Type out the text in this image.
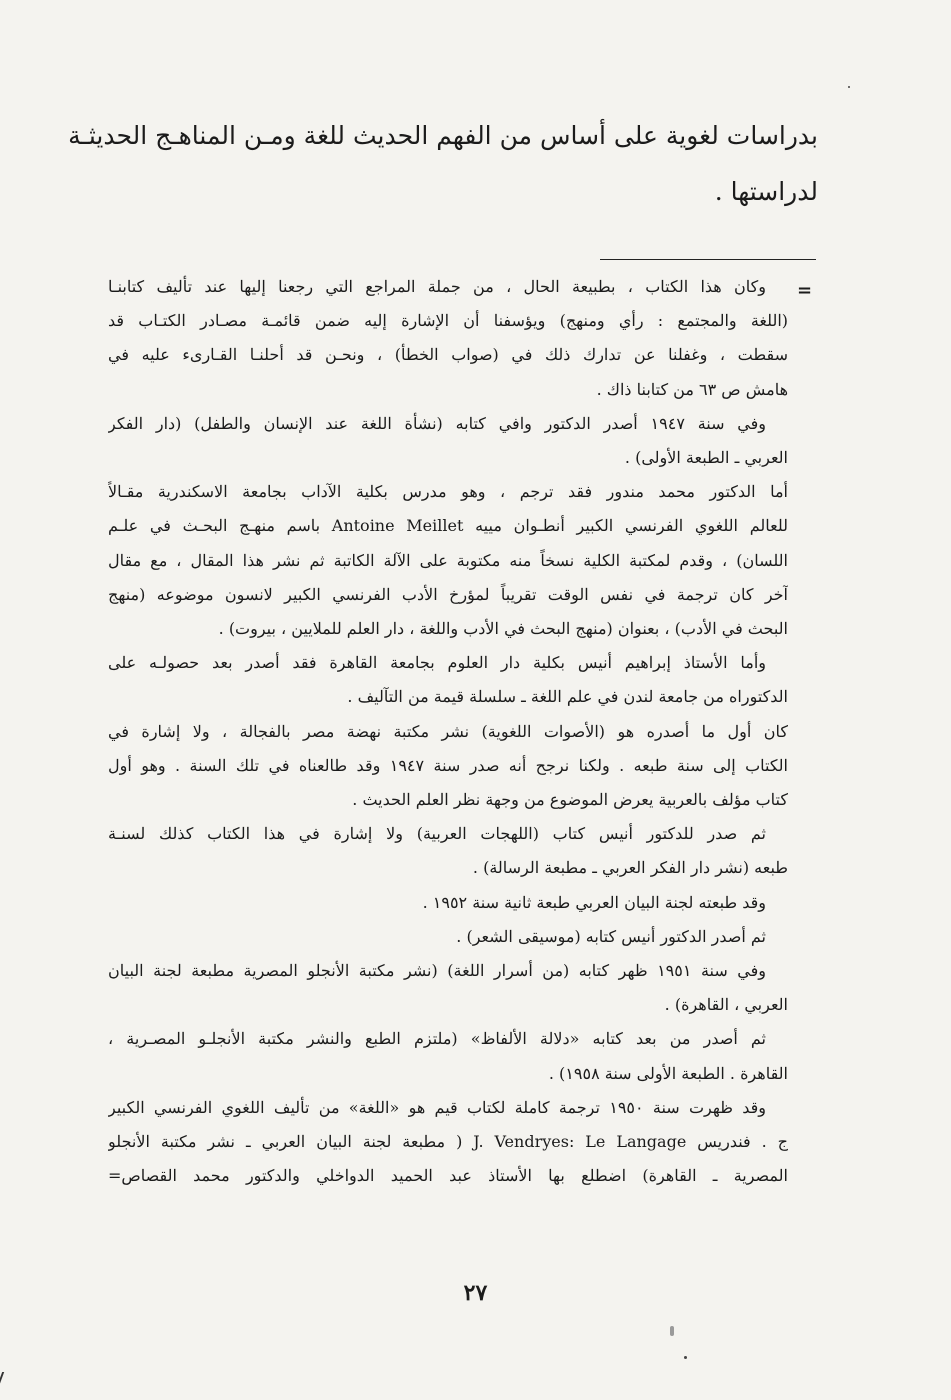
بدراسات لغوية على أساس من الفهم الحديث للغة ومـن المناهـج الحديثـة
لدراستها .
=
وكان هذا الكتاب ، بطبيعة الحال ، من جملة المراجع التي رجعنا إليها عند تأليف كتابنـا
(اللغة والمجتمع : رأي ومنهج) ويؤسفنا أن الإشارة إليه ضمن قائمـة مصـادر الكتـاب قد
سقطت ، وغفلنا عن تدارك ذلك في (صواب الخطأ) ، ونحـن قد أحلنـا القـارىء عليه في
هامش ص ٦٣ من كتابنا ذاك .
وفي سنة ١٩٤٧ أصدر الدكتور وافي كتابه (نشأة اللغة عند الإنسان والطفل) (دار الفكر
العربي ـ الطبعة الأولى) .
أما الدكتور محمد مندور فقد ترجم ، وهو مدرس بكلية الآداب بجامعة الاسكندرية مقـالاً
للعالم اللغوي الفرنسي الكبير أنطـوان مييه Antoine Meillet باسم منهـج البحـث في علـم
اللسان) ، وقدم لمكتبة الكلية نسخاً منه مكتوبة على الآلة الكاتبة ثم نشر هذا المقال ، مع مقال
آخر كان ترجمة في نفس الوقت تقريباً لمؤرخ الأدب الفرنسي الكبير لانسون موضوعه (منهج
البحث في الأدب) ، بعنوان (منهج البحث في الأدب واللغة ، دار العلم للملايين ، بيروت) .
وأما الأستاذ إبراهيم أنيس بكلية دار العلوم بجامعة القاهرة فقد أصدر بعد حصولـه على
الدكتوراه من جامعة لندن في علم اللغة ـ سلسلة قيمة من التآليف .
كان أول ما أصدره هو (الأصوات اللغوية) نشر مكتبة نهضة مصر بالفجالة ، ولا إشارة في
الكتاب إلى سنة طبعه . ولكنا نرجح أنه صدر سنة ١٩٤٧ وقد طالعناه في تلك السنة . وهو أول
كتاب مؤلف بالعربية يعرض الموضوع من وجهة نظر العلم الحديث .
ثم صدر للدكتور أنيس كتاب (اللهجات العربية) ولا إشارة في هذا الكتاب كذلك لسنـة
طبعه (نشر دار الفكر العربي ـ مطبعة الرسالة) .
وقد طبعته لجنة البيان العربي طبعة ثانية سنة ١٩٥٢ .
ثم أصدر الدكتور أنيس كتابه (موسيقى الشعر) .
وفي سنة ١٩٥١ ظهر كتابه (من أسرار اللغة) (نشر مكتبة الأنجلو المصرية مطبعة لجنة البيان
العربي ، القاهرة) .
ثم أصدر من بعد كتابه «دلالة الألفاظ» (ملتزم الطبع والنشر مكتبة الأنجلـو المصـرية ،
القاهرة . الطبعة الأولى سنة ١٩٥٨) .
وقد ظهرت سنة ١٩٥٠ ترجمة كاملة لكتاب قيم هو «اللغة» من تأليف اللغوي الفرنسي الكبير
ج . فندريس J. Vendryes: Le Langage ( مطبعة لجنة البيان العربي ـ نشر مكتبة الأنجلو
المصرية ـ القاهرة) اضطلع بها الأستاذ عبد الحميد الدواخلي والدكتور محمد القصاص=
٢٧
